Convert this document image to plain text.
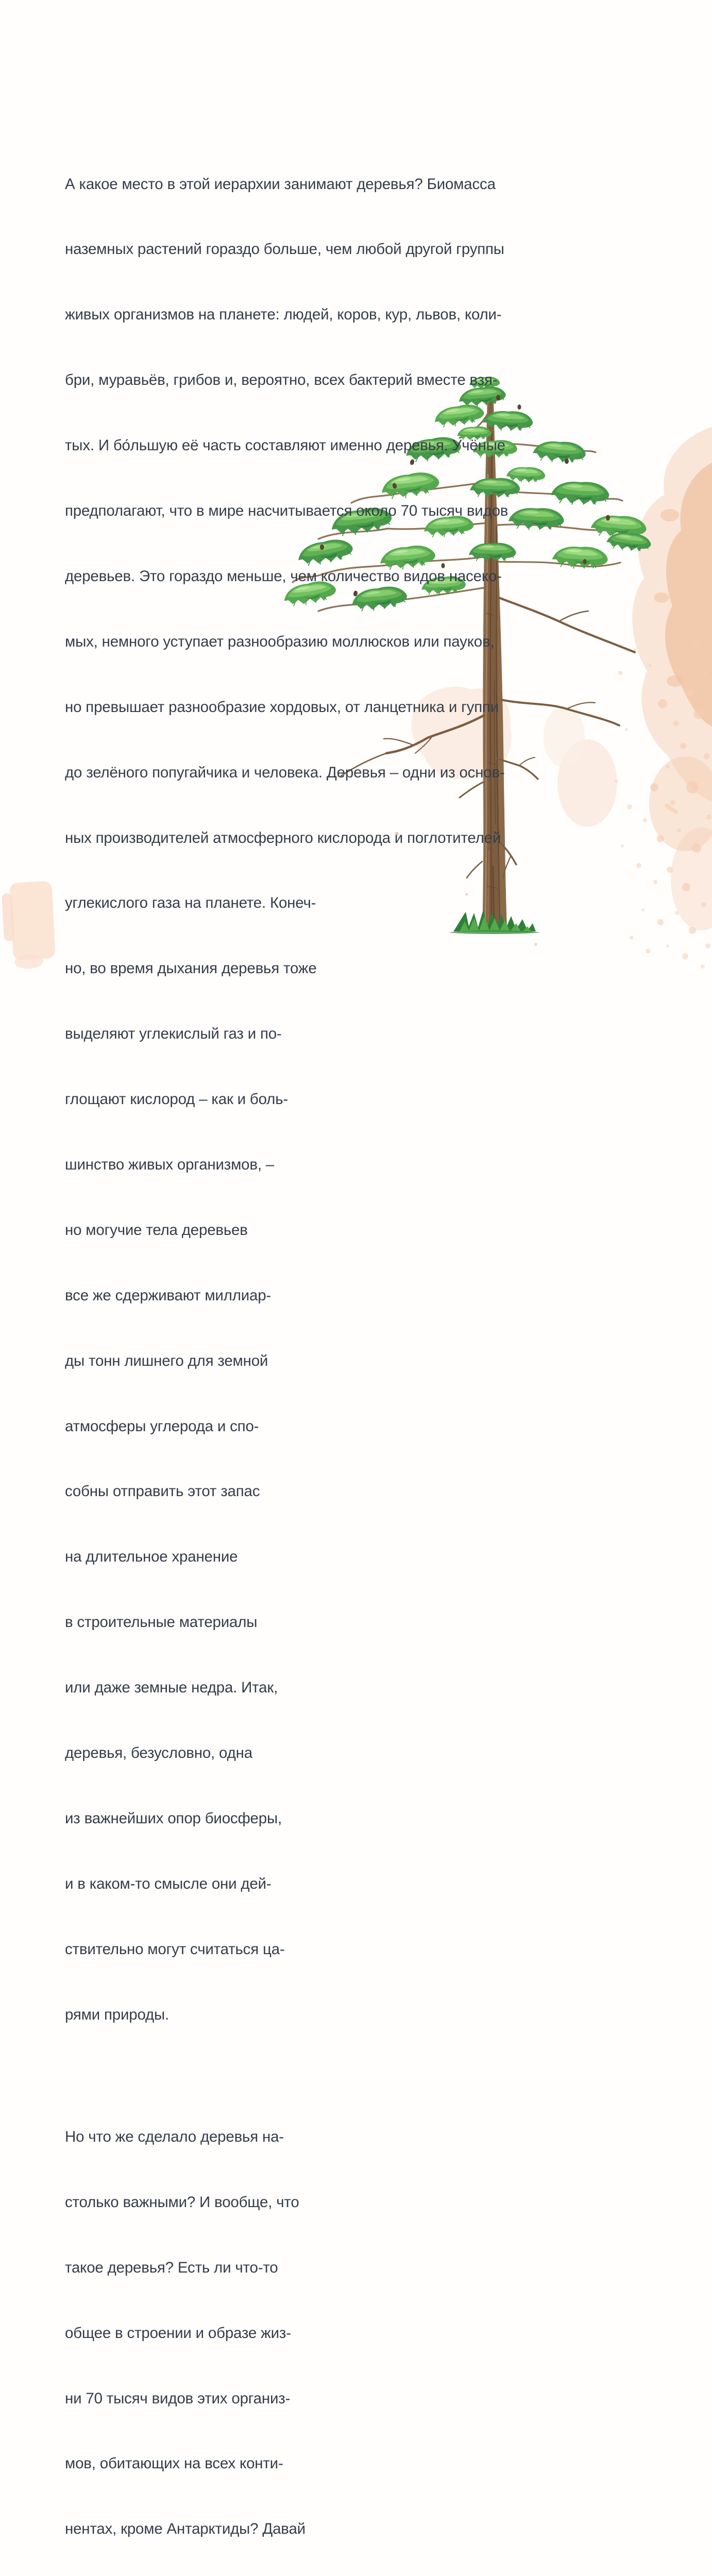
А какое место в этой иерархии занимают деревья? Биомасса

наземных растений гораздо больше, чем любой другой группы

живых организмов на планете: людей, коров, кур, львов, коли-

бри, муравьёв, грибов и, вероятно, всех бактерий вместе взя-

тых. И бо́льшую её часть составляют именно деревья. Учёные

предполагают, что в мире насчитывается около 70 тысяч видов

деревьев. Это гораздо меньше, чем количество видов насеко-

мых, немного уступает разнообразию моллюсков или пауков,

но превышает разнообразие хордовых, от ланцетника и гуппи

до зелёного попугайчика и человека. Деревья – одни из основ-

ных производителей атмосферного кислорода и поглотителей

углекислого газа на планете. Конеч-

но, во время дыхания деревья тоже

выделяют углекислый газ и по-

глощают кислород – как и боль-

шинство живых организмов, –

но могучие тела деревьев

все же сдерживают миллиар-

ды тонн лишнего для земной

атмосферы углерода и спо-

собны отправить этот запас

на длительное хранение

в строительные материалы

или даже земные недра. Итак,

деревья, безусловно, одна

из важнейших опор биосферы,

и в каком-то смысле они дей-

ствительно могут считаться ца-

рями природы.

Но что же сделало деревья на-

столько важными? И вообще, что

такое деревья? Есть ли что-то

общее в строении и образе жиз-

ни 70 тысяч видов этих организ-

мов, обитающих на всех конти-

нентах, кроме Антарктиды? Давай
